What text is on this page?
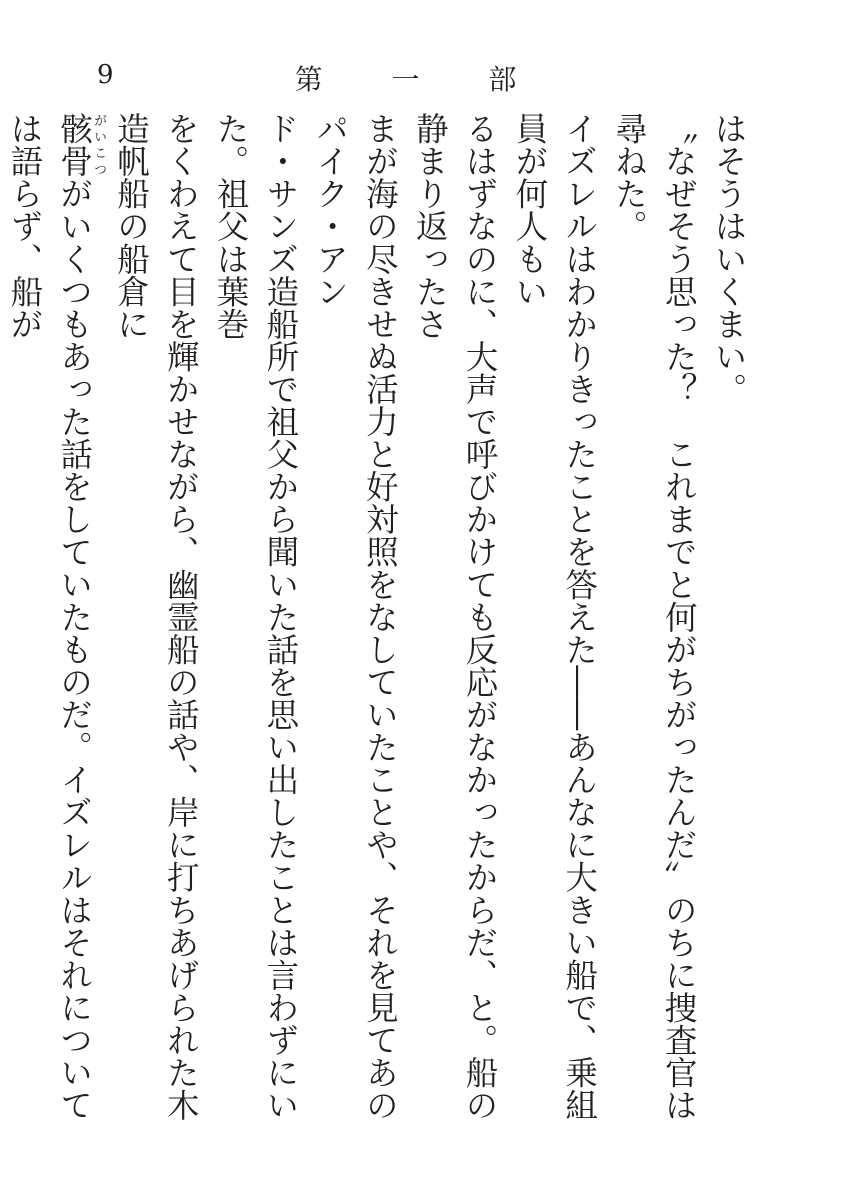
9	第 一 部

はそうはいくまい。

〝なぜそう思った？　これまでと何がちがったんだ〟のちに捜査官は尋ねた。

イズレルはわかりきったことを答えた――あんなに大きい船で、乗組員が何人もい

るはずなのに、大声で呼びかけても反応がなかったからだ、と。船の静まり返ったさ

まが海の尽きせぬ活力と好対照をなしていたことや、それを見てあのパイク・アン

ド・サンズ造船所で祖父から聞いた話を思い出したことは言わずにいた。祖父は葉巻

をくわえて目を輝かせながら、幽霊船の話や、岸に打ちあげられた木造帆船の船倉に

骸骨がいこつがいくつもあった話をしていたものだ。イズレルはそれについては語らず、船が
